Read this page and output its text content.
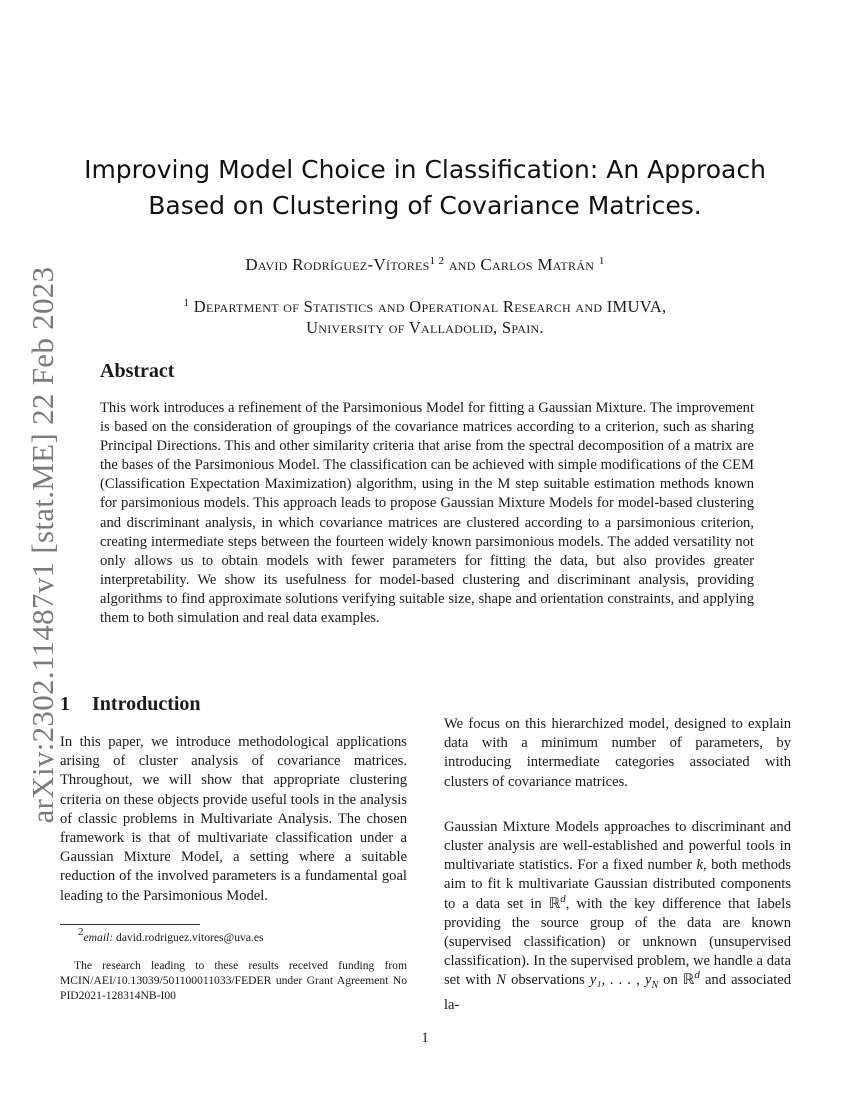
arXiv:2302.11487v1 [stat.ME] 22 Feb 2023
Improving Model Choice in Classification: An Approach Based on Clustering of Covariance Matrices.
David Rodríguez-Vítores$^{1 2}$ and Carlos Matrán $^1$
$^1$ Department of Statistics and Operational Research and IMUVA,
University of Valladolid, Spain.
Abstract
This work introduces a refinement of the Parsimonious Model for fitting a Gaussian Mixture. The improvement is based on the consideration of groupings of the covariance matrices according to a criterion, such as sharing Principal Directions. This and other similarity criteria that arise from the spectral decomposition of a matrix are the bases of the Parsimonious Model. The classification can be achieved with simple modifications of the CEM (Classification Expectation Maximization) algorithm, using in the M step suitable estimation methods known for parsimonious models. This approach leads to propose Gaussian Mixture Models for model-based clustering and discriminant analysis, in which covariance matrices are clustered according to a parsimonious criterion, creating intermediate steps between the fourteen widely known parsimonious models. The added versatility not only allows us to obtain models with fewer parameters for fitting the data, but also provides greater interpretability. We show its usefulness for model-based clustering and discriminant analysis, providing algorithms to find approximate solutions verifying suitable size, shape and orientation constraints, and applying them to both simulation and real data examples.
1 Introduction
In this paper, we introduce methodological applications arising of cluster analysis of covariance matrices. Throughout, we will show that appropriate clustering criteria on these objects provide useful tools in the analysis of classic problems in Multivariate Analysis. The chosen framework is that of multivariate classification under a Gaussian Mixture Model, a setting where a suitable reduction of the involved parameters is a fundamental goal leading to the Parsimonious Model.
$^2$email: david.rodriguez.vitores@uva.es
The research leading to these results received funding from MCIN/AEI/10.13039/501100011033/FEDER under Grant Agreement No PID2021-128314NB-I00

We focus on this hierarchized model, designed to explain data with a minimum number of parameters, by introducing intermediate categories associated with clusters of covariance matrices.

Gaussian Mixture Models approaches to discriminant and cluster analysis are well-established and powerful tools in multivariate statistics. For a fixed number k, both methods aim to fit k multivariate Gaussian distributed components to a data set in ℝ$^d$, with the key difference that labels providing the source group of the data are known (supervised classification) or unknown (unsupervised classification). In the supervised problem, we handle a data set with N observations y₁, . . . , $y_N$ on ℝ$^d$ and associated la-

1
